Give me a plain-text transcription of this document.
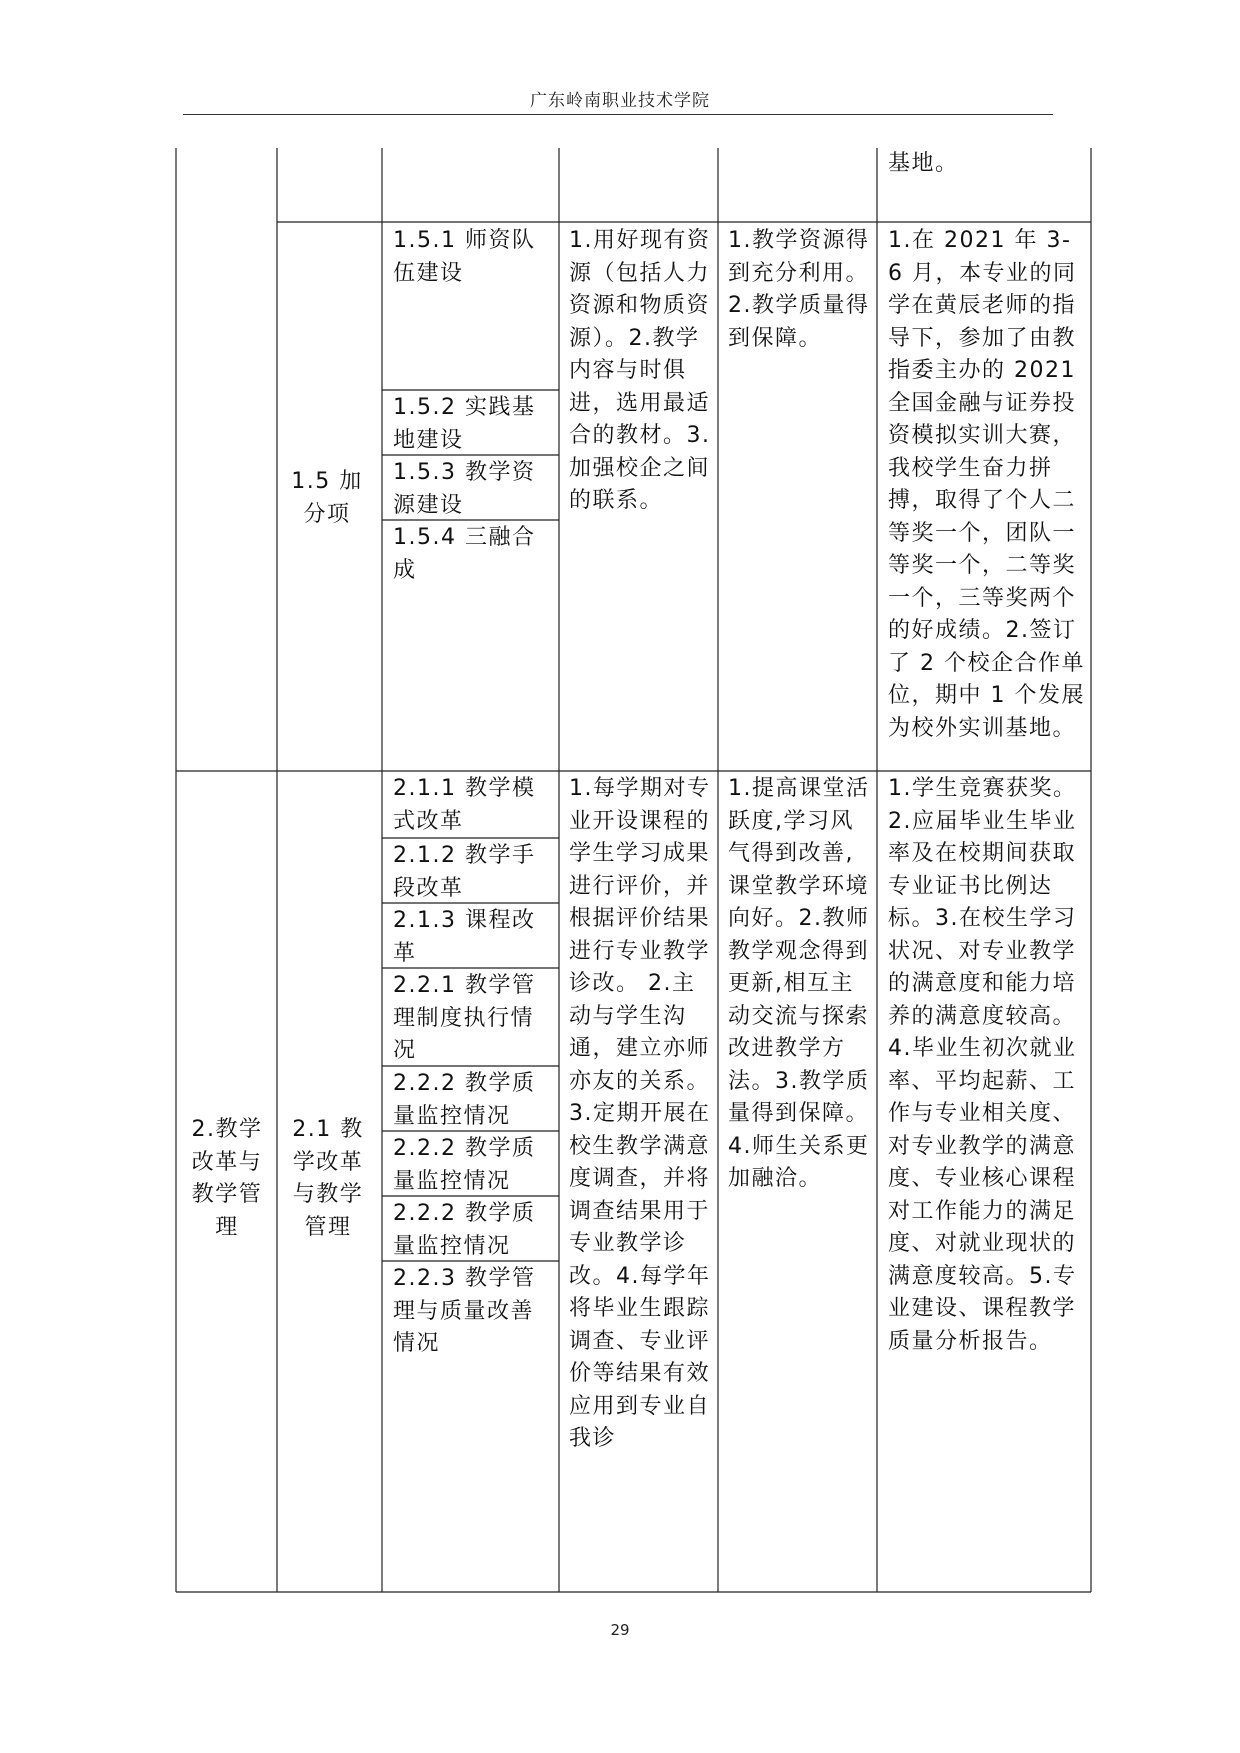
广东岭南职业技术学院
基地。
1.5 加分项
1.5.1 师资队伍建设
1.5.2 实践基地建设
1.5.3 教学资源建设
1.5.4 三融合成
1.用好现有资源（包括人力资源和物质资源）。2.教学内容与时俱进，选用最适合的教材。3.加强校企之间的联系。
1.教学资源得到充分利用。2.教学质量得到保障。
1.在 2021 年 3-6 月，本专业的同学在黄辰老师的指导下，参加了由教指委主办的 2021 全国金融与证券投资模拟实训大赛，我校学生奋力拼搏，取得了个人二等奖一个，团队一等奖一个，二等奖一个，三等奖两个的好成绩。2.签订了 2 个校企合作单位，期中 1 个发展为校外实训基地。
2.教学改革与教学管理
2.1 教学改革与教学管理
2.1.1 教学模式改革
2.1.2 教学手段改革
2.1.3 课程改革
2.2.1 教学管理制度执行情况
2.2.2 教学质量监控情况
2.2.2 教学质量监控情况
2.2.2 教学质量监控情况
2.2.3 教学管理与质量改善情况
1.每学期对专业开设课程的学生学习成果进行评价，并根据评价结果进行专业教学诊改。 2.主动与学生沟通，建立亦师亦友的关系。3.定期开展在校生教学满意度调查，并将调查结果用于专业教学诊改。4.每学年将毕业生跟踪调查、专业评价等结果有效应用到专业自我诊
1.提高课堂活跃度,学习风气得到改善,课堂教学环境向好。2.教师教学观念得到更新,相互主动交流与探索改进教学方法。3.教学质量得到保障。4.师生关系更加融洽。
1.学生竞赛获奖。2.应届毕业生毕业率及在校期间获取专业证书比例达标。3.在校生学习状况、对专业教学的满意度和能力培养的满意度较高。4.毕业生初次就业率、平均起薪、工作与专业相关度、对专业教学的满意度、专业核心课程对工作能力的满足度、对就业现状的满意度较高。5.专业建设、课程教学质量分析报告。
29
